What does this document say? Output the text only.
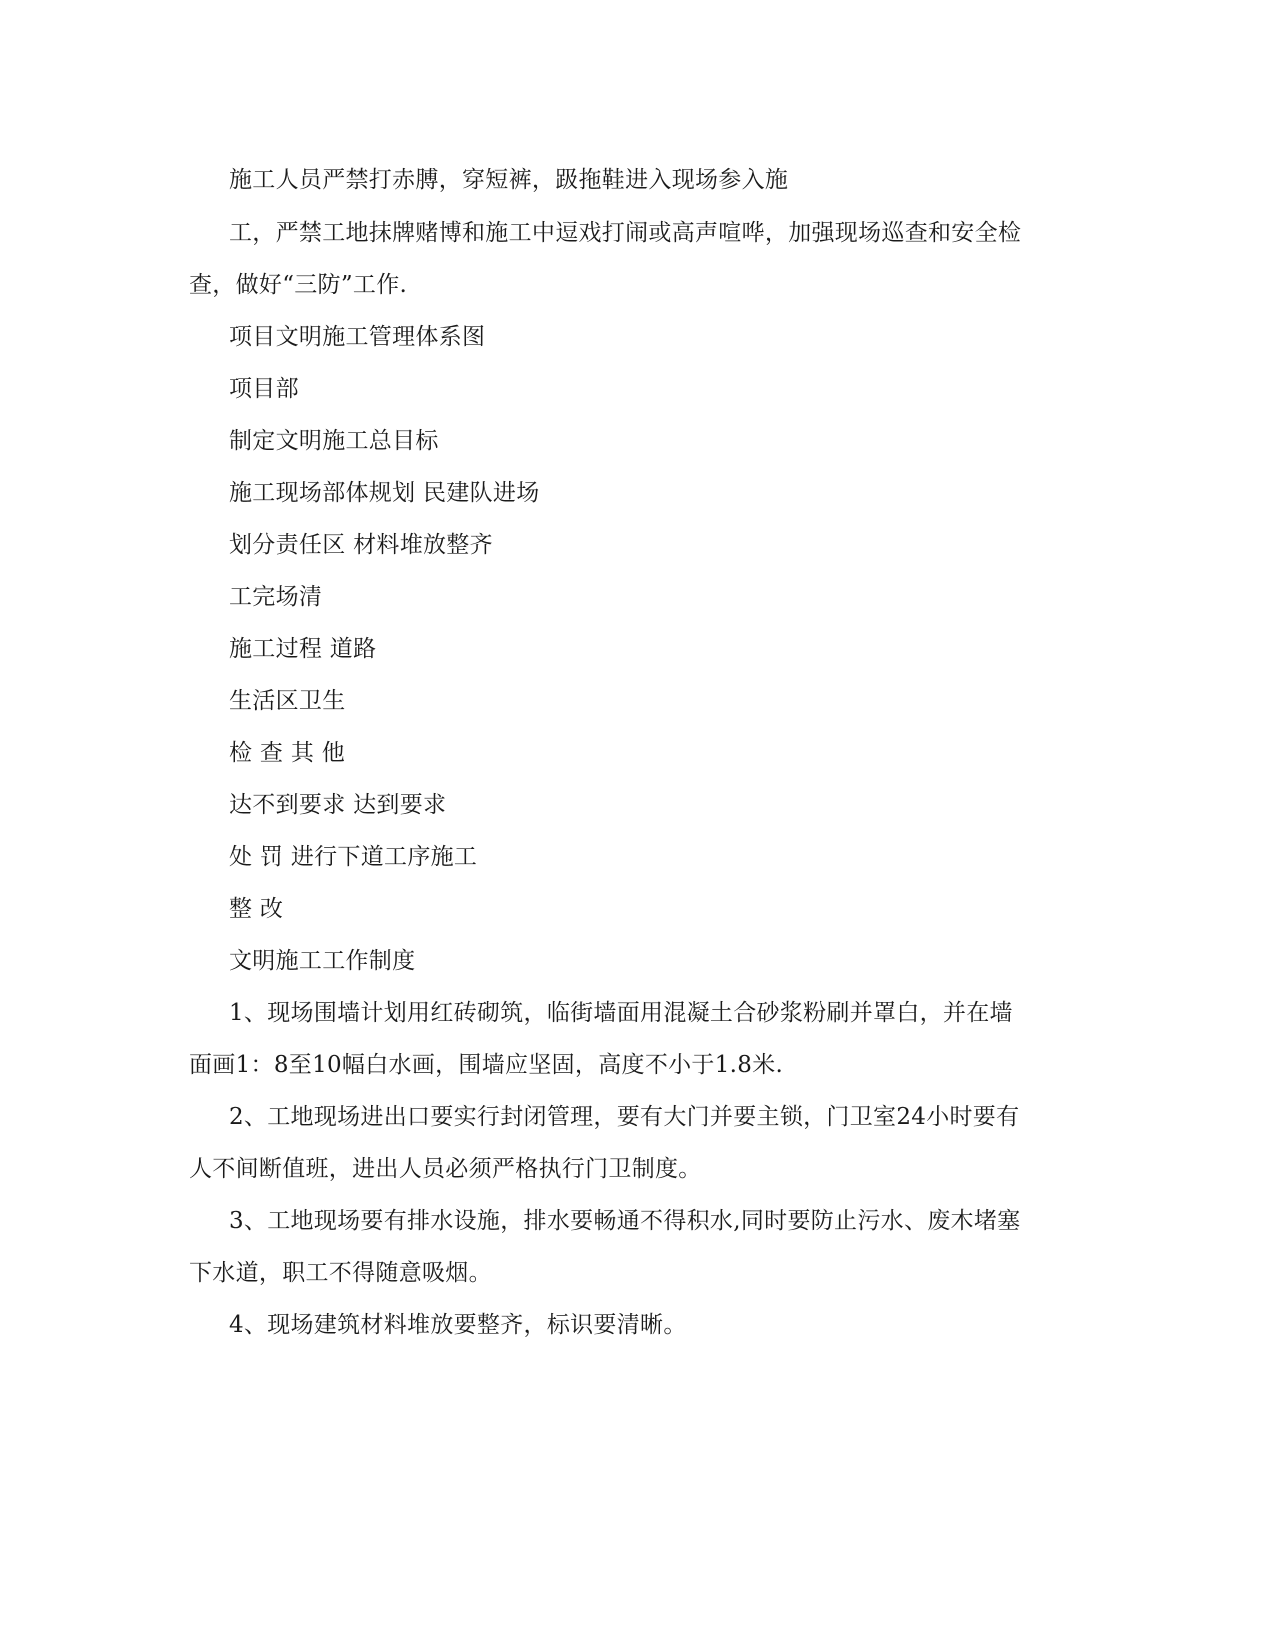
施工人员严禁打赤膊，穿短裤，趿拖鞋进入现场参入施
工，严禁工地抹牌赌博和施工中逗戏打闹或高声喧哗，加强现场巡查和安全检
查，做好“三防”工作.
项目文明施工管理体系图
项目部
制定文明施工总目标
施工现场部体规划 民建队进场
划分责任区 材料堆放整齐
工完场清
施工过程 道路
生活区卫生
检 查 其 他
达不到要求 达到要求
处 罚 进行下道工序施工
整 改
文明施工工作制度
1、现场围墙计划用红砖砌筑，临街墙面用混凝土合砂浆粉刷并罩白，并在墙
面画1：8至10幅白水画，围墙应坚固，高度不小于1.8米.
2、工地现场进出口要实行封闭管理，要有大门并要主锁，门卫室24小时要有
人不间断值班，进出人员必须严格执行门卫制度。
3、工地现场要有排水设施，排水要畅通不得积水,同时要防止污水、废木堵塞
下水道，职工不得随意吸烟。
4、现场建筑材料堆放要整齐，标识要清晰。
